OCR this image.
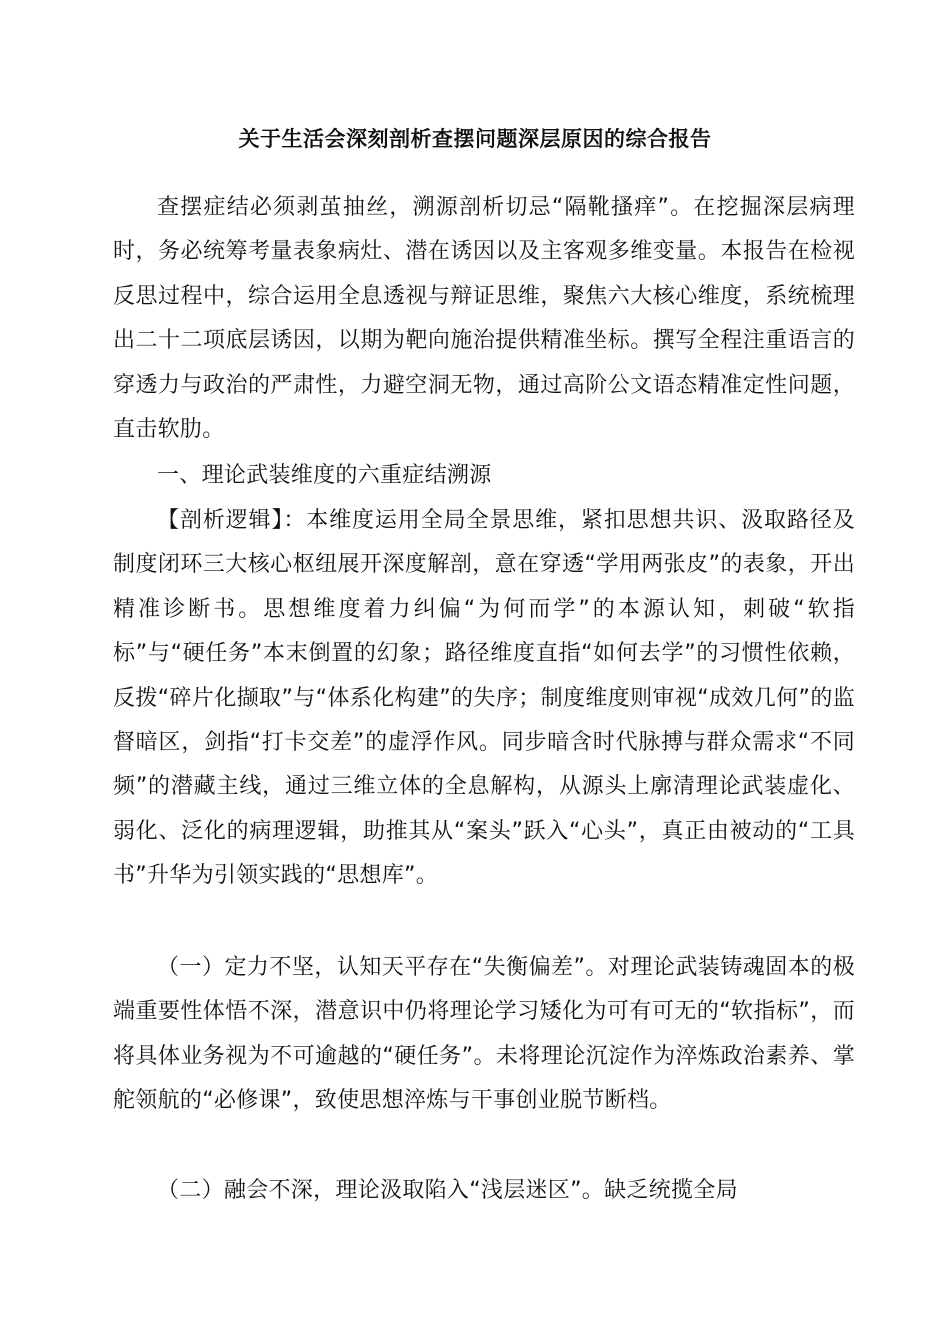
关于生活会深刻剖析查摆问题深层原因的综合报告
查摆症结必须剥茧抽丝，溯源剖析切忌“隔靴搔痒”。在挖掘深层病理时，务必统筹考量表象病灶、潜在诱因以及主客观多维变量。本报告在检视反思过程中，综合运用全息透视与辩证思维，聚焦六大核心维度，系统梳理出二十二项底层诱因，以期为靶向施治提供精准坐标。撰写全程注重语言的穿透力与政治的严肃性，力避空洞无物，通过高阶公文语态精准定性问题，直击软肋。
一、理论武装维度的六重症结溯源
【剖析逻辑】：本维度运用全局全景思维，紧扣思想共识、汲取路径及制度闭环三大核心枢纽展开深度解剖，意在穿透“学用两张皮”的表象，开出精准诊断书。思想维度着力纠偏“为何而学”的本源认知，刺破“软指标”与“硬任务”本末倒置的幻象；路径维度直指“如何去学”的习惯性依赖，反拨“碎片化撷取”与“体系化构建”的失序；制度维度则审视“成效几何”的监督暗区，剑指“打卡交差”的虚浮作风。同步暗含时代脉搏与群众需求“不同频”的潜藏主线，通过三维立体的全息解构，从源头上廓清理论武装虚化、弱化、泛化的病理逻辑，助推其从“案头”跃入“心头”，真正由被动的“工具书”升华为引领实践的“思想库”。
（一）定力不坚，认知天平存在“失衡偏差”。对理论武装铸魂固本的极端重要性体悟不深，潜意识中仍将理论学习矮化为可有可无的“软指标”，而将具体业务视为不可逾越的“硬任务”。未将理论沉淀作为淬炼政治素养、掌舵领航的“必修课”，致使思想淬炼与干事创业脱节断档。
（二）融会不深，理论汲取陷入“浅层迷区”。缺乏统揽全局
